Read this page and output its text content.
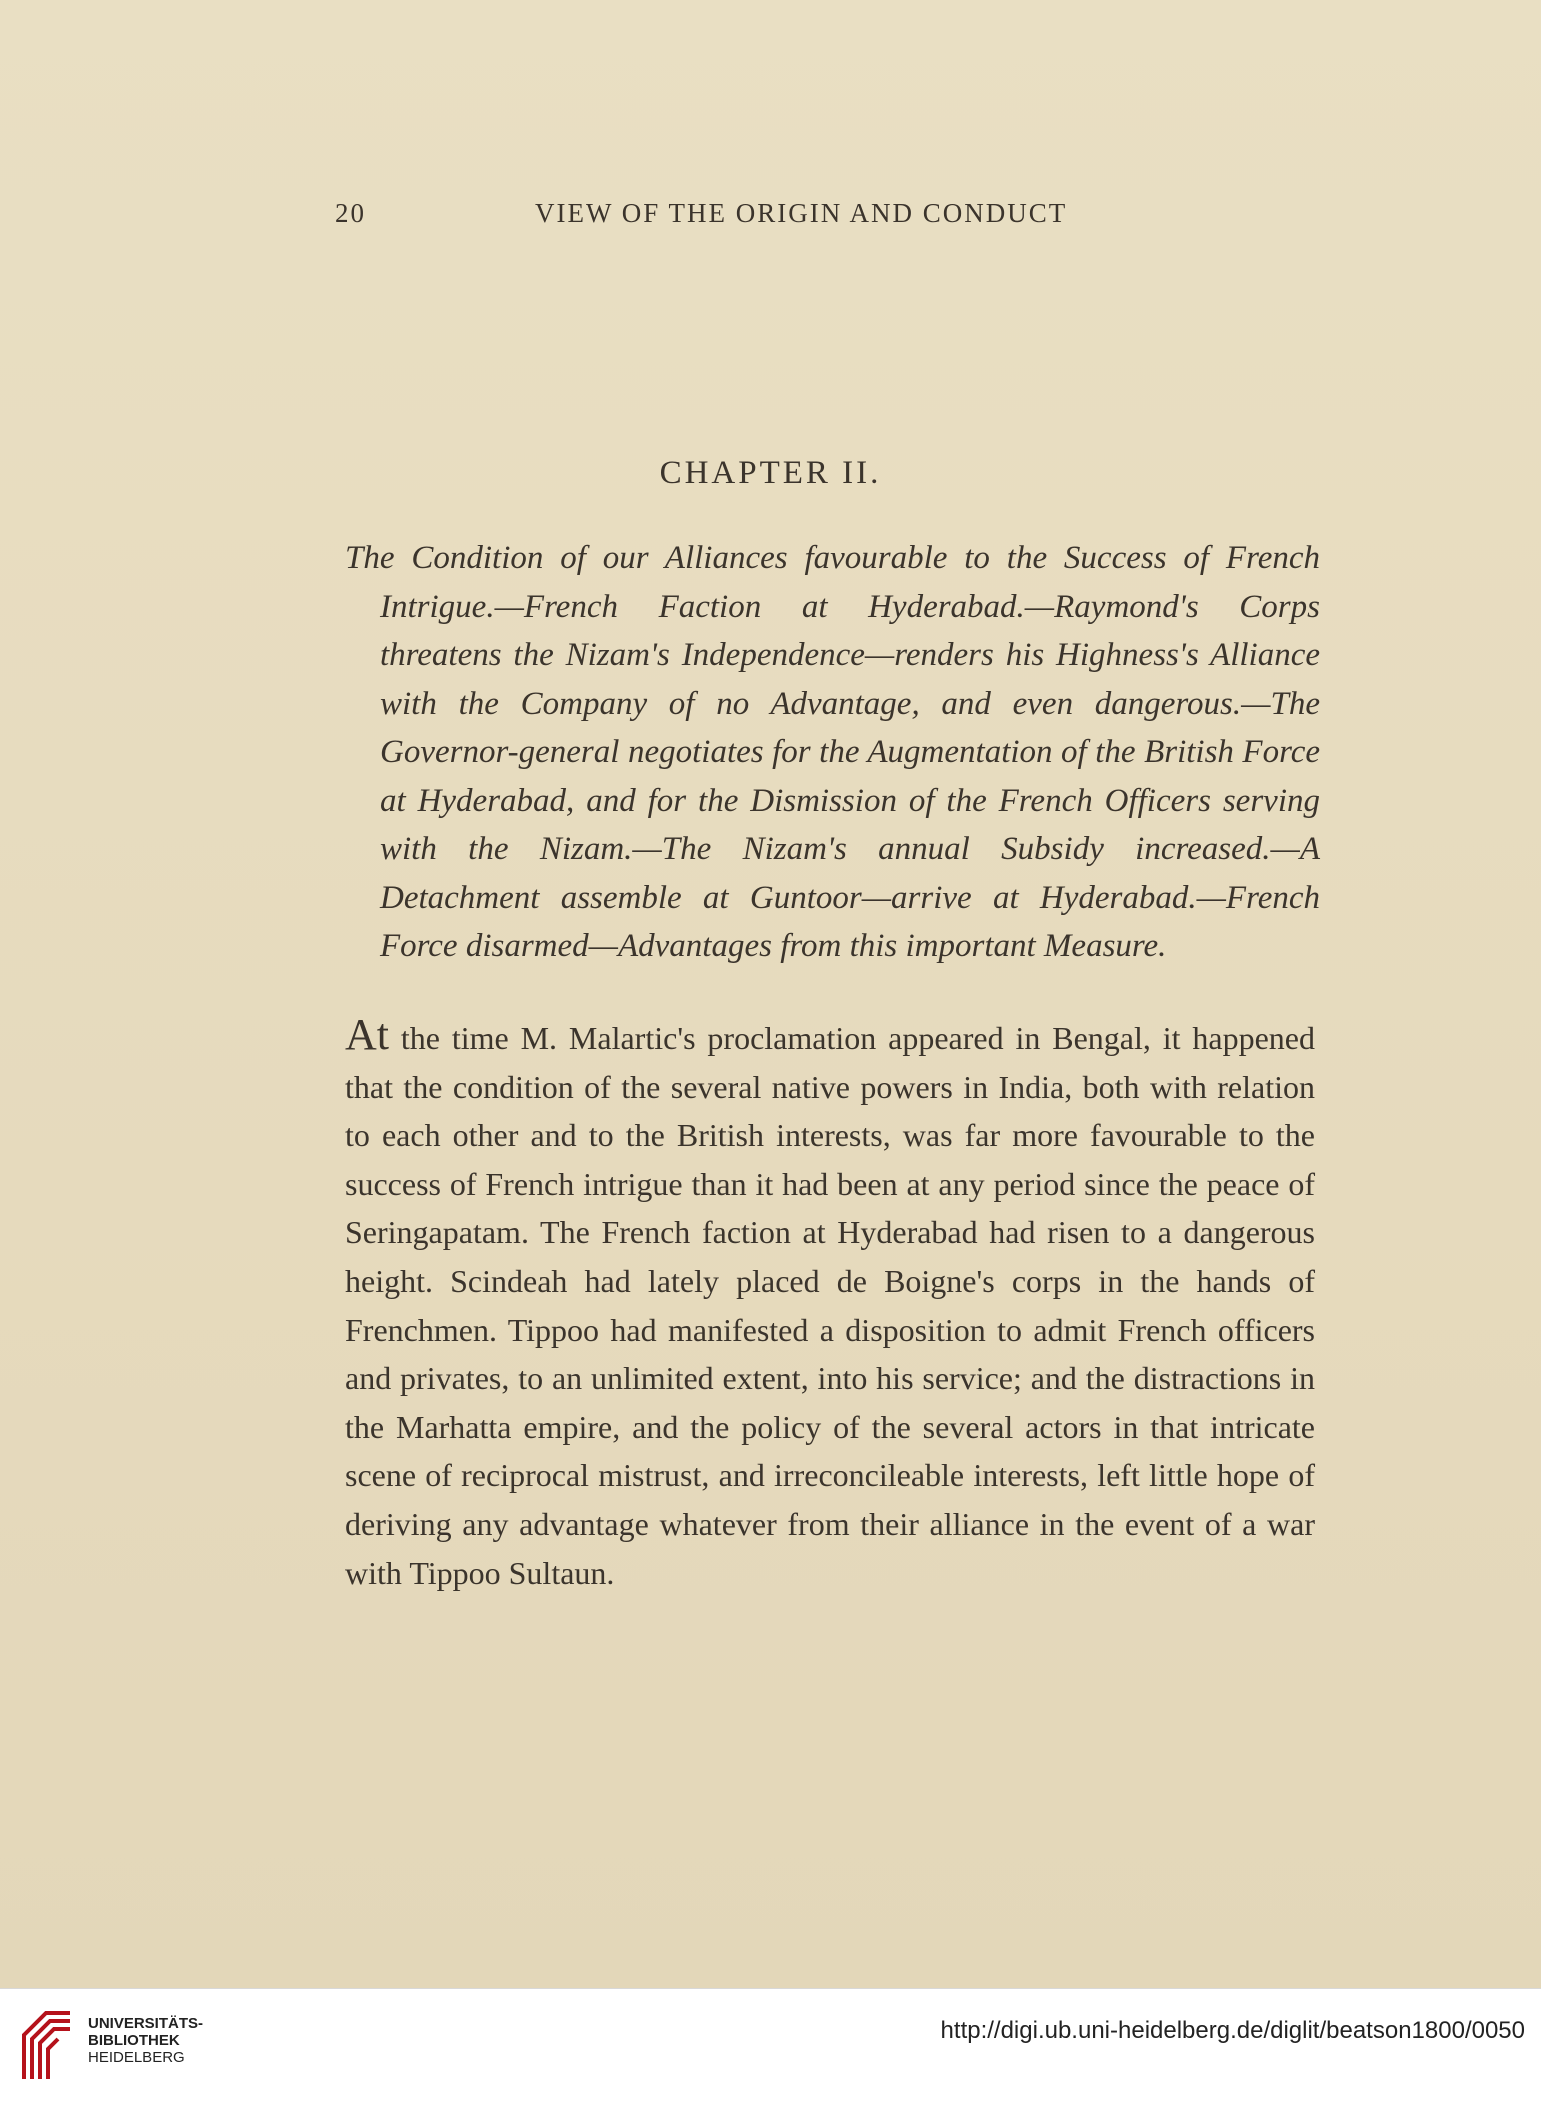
20	VIEW OF THE ORIGIN AND CONDUCT
CHAPTER II.
The Condition of our Alliances favourable to the Success of French Intrigue.—French Faction at Hyderabad.—Raymond's Corps threatens the Nizam's Independence—renders his Highness's Alliance with the Company of no Advantage, and even dangerous.—The Governor-general negotiates for the Augmentation of the British Force at Hyderabad, and for the Dismission of the French Officers serving with the Nizam.—The Nizam's annual Subsidy increased.—A Detachment assemble at Guntoor—arrive at Hyderabad.—French Force disarmed—Advantages from this important Measure.

At the time M. Malartic's proclamation appeared in Bengal, it happened that the condition of the several native powers in India, both with relation to each other and to the British interests, was far more favourable to the success of French intrigue than it had been at any period since the peace of Seringapatam. The French faction at Hyderabad had risen to a dangerous height. Scindeah had lately placed de Boigne's corps in the hands of Frenchmen. Tippoo had manifested a disposition to admit French officers and privates, to an unlimited extent, into his service; and the distractions in the Marhatta empire, and the policy of the several actors in that intricate scene of reciprocal mistrust, and irreconcileable interests, left little hope of deriving any advantage whatever from their alliance in the event of a war with Tippoo Sultaun.

UNIVERSITÄTS-
BIBLIOTHEK
HEIDELBERG
http://digi.ub.uni-heidelberg.de/diglit/beatson1800/0050
